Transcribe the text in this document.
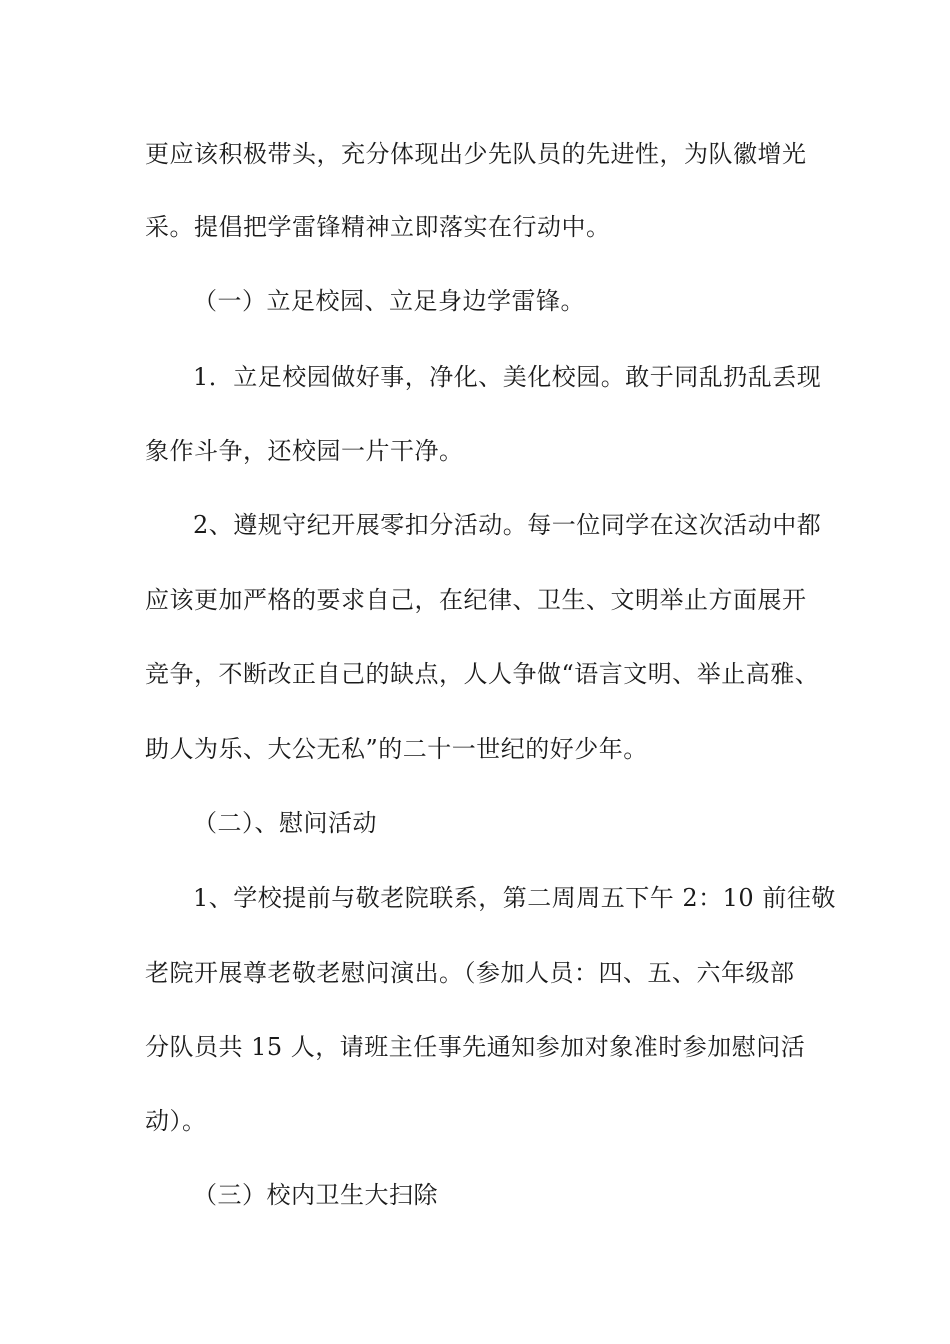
更应该积极带头，充分体现出少先队员的先进性，为队徽增光
采。提倡把学雷锋精神立即落实在行动中。
（一）立足校园、立足身边学雷锋。
1．立足校园做好事，净化、美化校园。敢于同乱扔乱丢现
象作斗争，还校园一片干净。
2、遵规守纪开展零扣分活动。每一位同学在这次活动中都
应该更加严格的要求自己，在纪律、卫生、文明举止方面展开
竞争，不断改正自己的缺点，人人争做“语言文明、举止高雅、
助人为乐、大公无私”的二十一世纪的好少年。
（二）、慰问活动
1、学校提前与敬老院联系，第二周周五下午 2：10 前往敬
老院开展尊老敬老慰问演出。（参加人员：四、五、六年级部
分队员共 15 人，请班主任事先通知参加对象准时参加慰问活
动）。
（三）校内卫生大扫除
